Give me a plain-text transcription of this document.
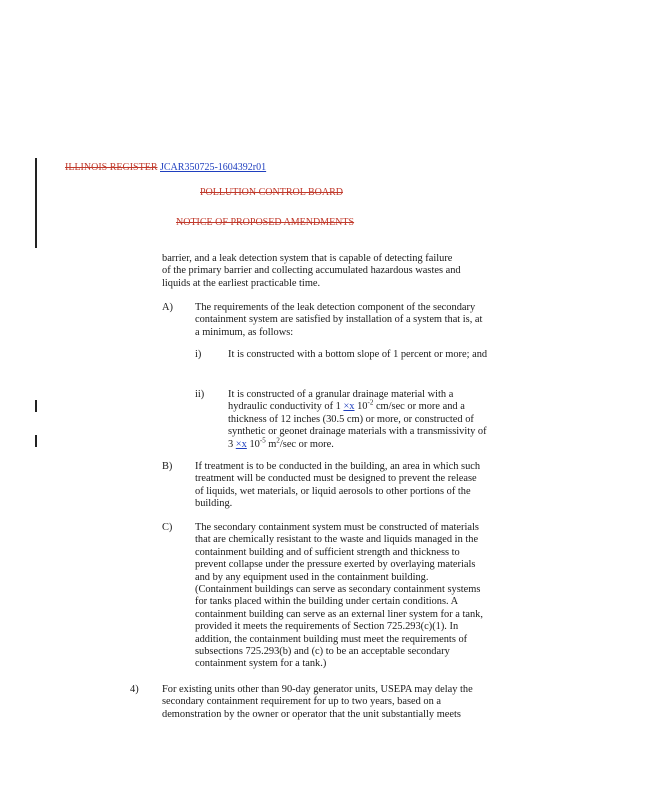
ILLINOIS REGISTER JCAR350725-1604392r01
POLLUTION CONTROL BOARD
NOTICE OF PROPOSED AMENDMENTS
barrier, and a leak detection system that is capable of detecting failure of the primary barrier and collecting accumulated hazardous wastes and liquids at the earliest practicable time.
A) The requirements of the leak detection component of the secondary containment system are satisfied by installation of a system that is, at a minimum, as follows:
i)	It is constructed with a bottom slope of 1 percent or more; and
ii) It is constructed of a granular drainage material with a hydraulic conductivity of 1 ×x $10^{-2}$ cm/sec or more and a thickness of 12 inches (30.5 cm) or more, or constructed of synthetic or geonet drainage materials with a transmissivity of 3 ×x $10^{-5}$ $m^2/\sec$ or more.
B) If treatment is to be conducted in the building, an area in which such treatment will be conducted must be designed to prevent the release of liquids, wet materials, or liquid aerosols to other portions of the building.
C) The secondary containment system must be constructed of materials that are chemically resistant to the waste and liquids managed in the containment building and of sufficient strength and thickness to prevent collapse under the pressure exerted by overlaying materials and by any equipment used in the containment building. (Containment buildings can serve as secondary containment systems for tanks placed within the building under certain conditions. A containment building can serve as an external liner system for a tank, provided it meets the requirements of Section 725.293(c)(1). In addition, the containment building must meet the requirements of subsections 725.293(b) and (c) to be an acceptable secondary containment system for a tank.)
4) For existing units other than 90-day generator units, USEPA may delay the secondary containment requirement for up to two years, based on a demonstration by the owner or operator that the unit substantially meets
